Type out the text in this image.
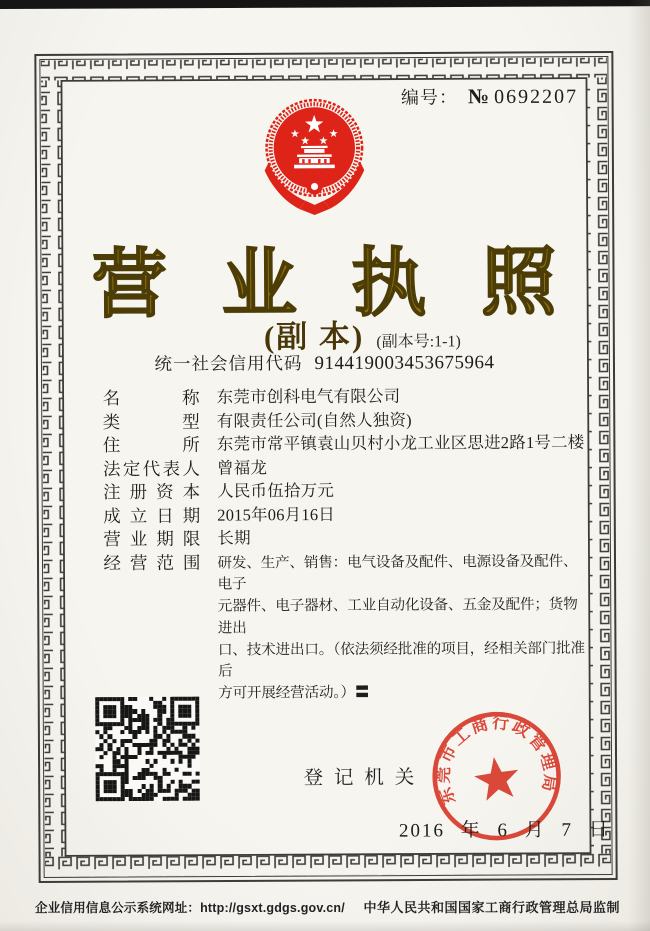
编号： № 0692207
营 业 执 照
(副 本) (副本号:1-1)
统一社会信用代码 914419003453675964
名	称 东莞市创科电气有限公司
类	型 有限责任公司(自然人独资)
住	所 东莞市常平镇袁山贝村小龙工业区思进2路1号二楼
法 定 代 表 人 曾福龙
注 册 资 本 人民币伍拾万元
成 立 日 期 2015年06月16日
营 业 期 限 长期
经 营 范 围 研发、生产、销售：电气设备及配件、电源设备及配件、电子
元器件、电子器材、工业自动化设备、五金及配件；货物进出
口、技术进出口。（依法须经批准的项目，经相关部门批准后
方可开展经营活动。）〓
登 记 机 关
东莞市工商行政管理局
2016 年 6 月 7 日
企业信用信息公示系统网址：http://gsxt.gdgs.gov.cn/ 中华人民共和国国家工商行政管理总局监制
